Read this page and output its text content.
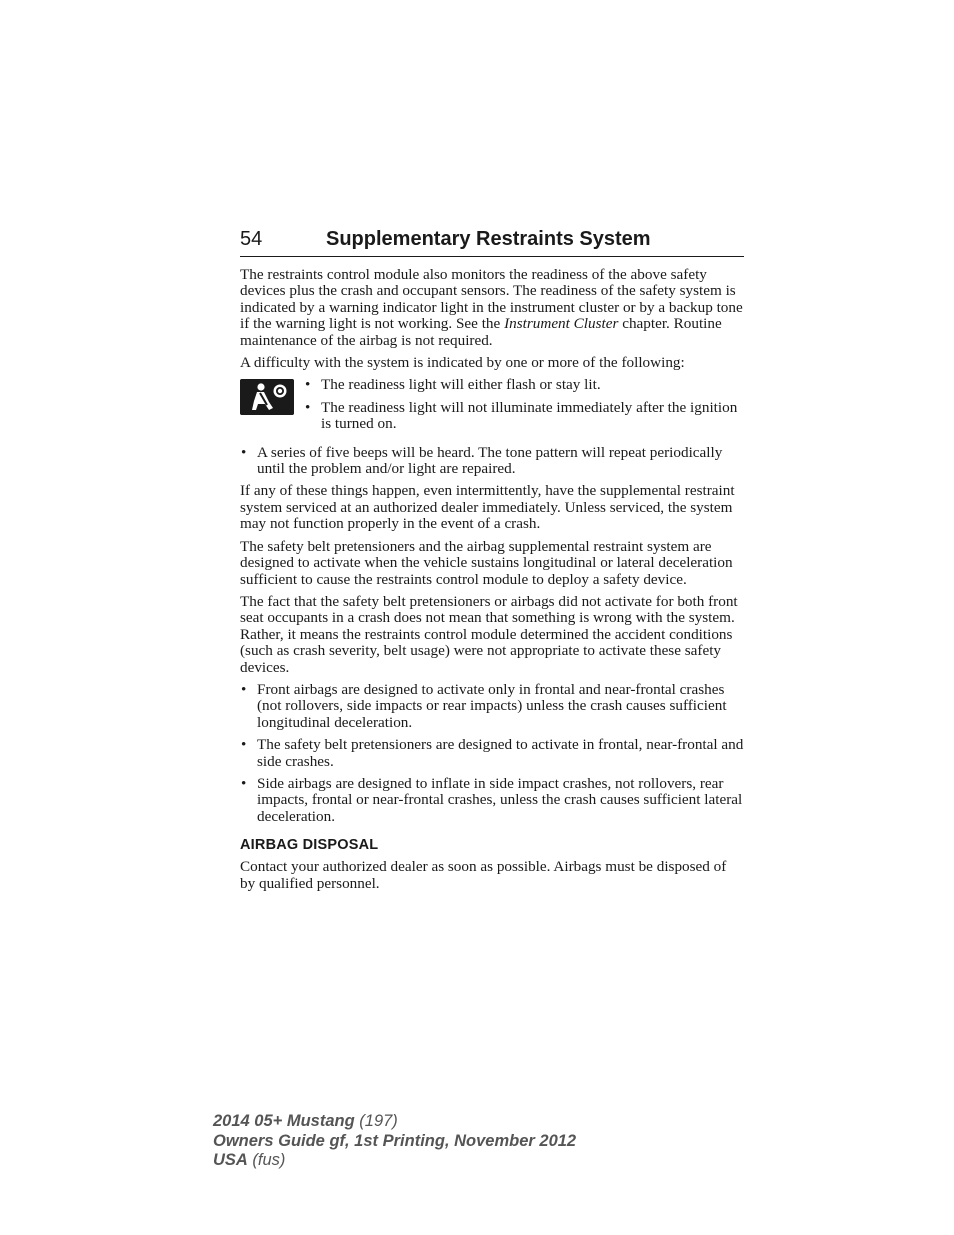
54	Supplementary Restraints System

The restraints control module also monitors the readiness of the above safety devices plus the crash and occupant sensors. The readiness of the safety system is indicated by a warning indicator light in the instrument cluster or by a backup tone if the warning light is not working. See the Instrument Cluster chapter. Routine maintenance of the airbag is not required.

A difficulty with the system is indicated by one or more of the following:

• The readiness light will either flash or stay lit.
• The readiness light will not illuminate immediately after the ignition is turned on.
• A series of five beeps will be heard. The tone pattern will repeat periodically until the problem and/or light are repaired.

If any of these things happen, even intermittently, have the supplemental restraint system serviced at an authorized dealer immediately. Unless serviced, the system may not function properly in the event of a crash.

The safety belt pretensioners and the airbag supplemental restraint system are designed to activate when the vehicle sustains longitudinal or lateral deceleration sufficient to cause the restraints control module to deploy a safety device.

The fact that the safety belt pretensioners or airbags did not activate for both front seat occupants in a crash does not mean that something is wrong with the system. Rather, it means the restraints control module determined the accident conditions (such as crash severity, belt usage) were not appropriate to activate these safety devices.

• Front airbags are designed to activate only in frontal and near-frontal crashes (not rollovers, side impacts or rear impacts) unless the crash causes sufficient longitudinal deceleration.
• The safety belt pretensioners are designed to activate in frontal, near-frontal and side crashes.
• Side airbags are designed to inflate in side impact crashes, not rollovers, rear impacts, frontal or near-frontal crashes, unless the crash causes sufficient lateral deceleration.
AIRBAG DISPOSAL

Contact your authorized dealer as soon as possible. Airbags must be disposed of by qualified personnel.

2014 05+ Mustang (197)
Owners Guide gf, 1st Printing, November 2012
USA (fus)
